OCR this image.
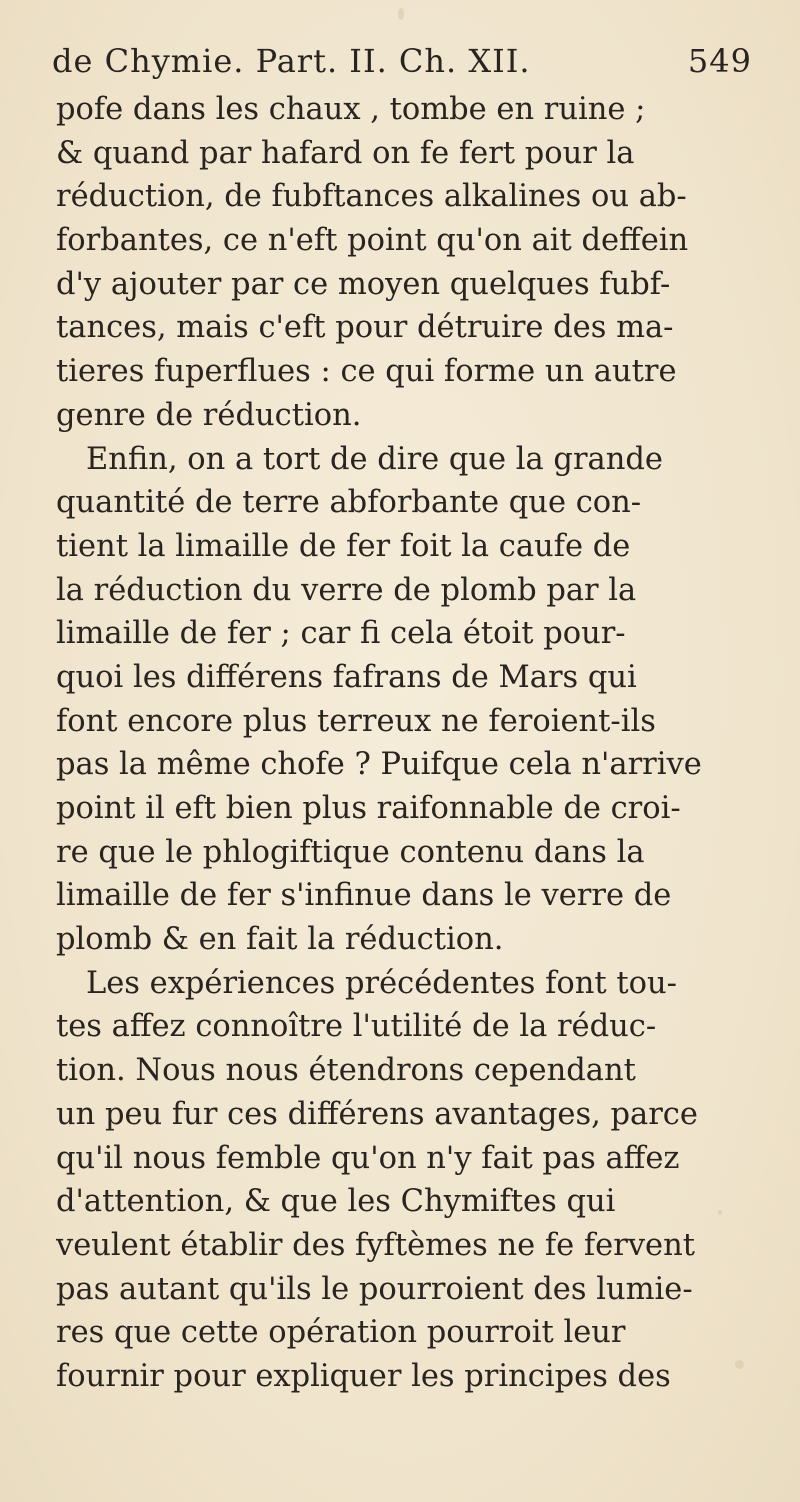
de Chymie. Part. II. Ch. XII.	549
pofe dans les chaux , tombe en ruine ;
& quand par hafard on fe fert pour la
réduction, de fubftances alkalines ou ab-
forbantes, ce n'eft point qu'on ait deffein
d'y ajouter par ce moyen quelques fubf-
tances, mais c'eft pour détruire des ma-
tieres fuperflues : ce qui forme un autre
genre de réduction.
Enfin, on a tort de dire que la grande
quantité de terre abforbante que con-
tient la limaille de fer foit la caufe de
la réduction du verre de plomb par la
limaille de fer ; car fi cela étoit pour-
quoi les différens fafrans de Mars qui
font encore plus terreux ne feroient-ils
pas la même chofe ? Puifque cela n'arrive
point il eft bien plus raifonnable de croi-
re que le phlogiftique contenu dans la
limaille de fer s'infinue dans le verre de
plomb & en fait la réduction.
Les expériences précédentes font tou-
tes affez connoître l'utilité de la réduc-
tion. Nous nous étendrons cependant
un peu fur ces différens avantages, parce
qu'il nous femble qu'on n'y fait pas affez
d'attention, & que les Chymiftes qui
veulent établir des fyftèmes ne fe fervent
pas autant qu'ils le pourroient des lumie-
res que cette opération pourroit leur
fournir pour expliquer les principes des
